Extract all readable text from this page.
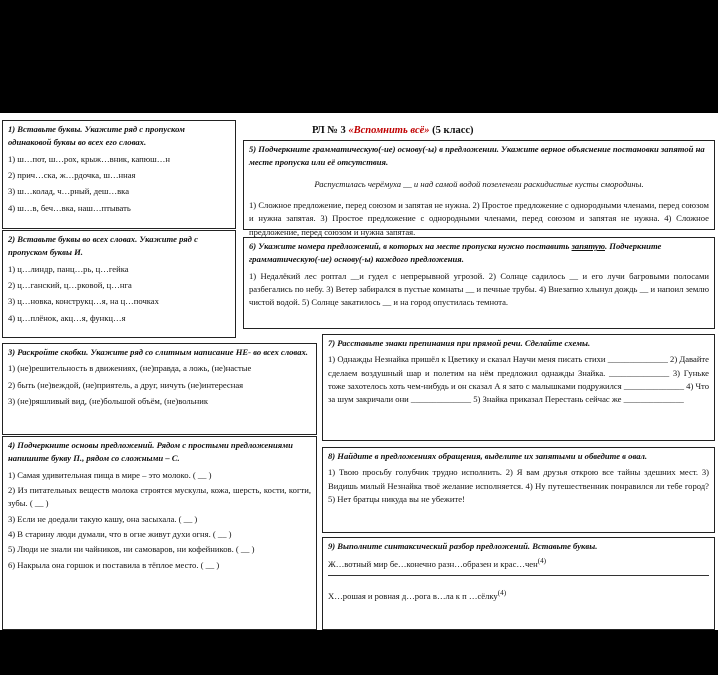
РЛ № 3 «Вспомнить всё» (5 класс)
1) Вставьте буквы. Укажите ряд с пропуском одинаковой буквы во всех его словах.
1) ш…пот, ш…рох, крыж…вник, капюш…н
2) прич…ска, ж…рдочка, ш…нная
3) ш…колад, ч…рный, деш…вка
4) ш…в, беч…вка, наш…птывать
2) Вставьте буквы во всех словах. Укажите ряд с пропуском буквы И.
1) ц…линдр, панц…рь, ц…гейка
2) ц…ганский, ц…рковой, ц…нга
3) ц…новка, конструкц…я, на ц…почках
4) ц…плёнок, акц…я, функц…я
3) Раскройте скобки. Укажите ряд со слитным написание НЕ- во всех словах.
1) (не)решительность в движениях, (не)правда, а ложь, (не)настые
2) быть (не)веждой, (не)приятель, а друг, ничуть (не)интересная
3) (не)ряшливый вид, (не)большой объём, (не)вольник
4) Подчеркните основы предложений. Рядом с простыми предложениями напишите букву П., рядом со сложными – С.
1) Самая удивительная пища в мире – это молоко. ( __ )
2) Из питательных веществ молока строятся мускулы, кожа, шерсть, кости, когти, зубы. ( __ )
3) Если не доедали такую кашу, она засыхала. ( __ )
4) В старину люди думали, что в огне живут духи огня. ( __ )
5) Люди не знали ни чайников, ни самоваров, ни кофейников. ( __ )
6) Накрыла она горшок и поставила в тёплое место. ( __ )
5) Подчеркните грамматическую(-ие) основу(-ы) в предложении. Укажите верное объяснение постановки запятой на месте пропуска или её отсутствия.
Распустилась черёмуха __ и над самой водой позеленели раскидистые кусты смородины.
1) Сложное предложение, перед союзом и запятая не нужна. 2) Простое предложение с однородными членами, перед союзом и нужна запятая. 3) Простое предложение с однородными членами, перед союзом и запятая не нужна. 4) Сложное предложение, перед союзом и нужна запятая.
6) Укажите номера предложений, в которых на месте пропуска нужно поставить запятую. Подчеркните грамматическую(-ие) основу(-ы) каждого предложения.
1) Недалёкий лес роптал __и гудел с непрерывной угрозой. 2) Солнце садилось __ и его лучи багровыми полосами разбегались по небу. 3) Ветер забирался в пустые комнаты __ и печные трубы. 4) Внезапно хлынул дождь __ и напоил землю чистой водой. 5) Солнце закатилось __ и на город опустилась темнота.
7) Расставьте знаки препинания при прямой речи. Сделайте схемы.
1) Однажды Незнайка пришёл к Цветику и сказал Научи меня писать стихи ______________ 2) Давайте сделаем воздушный шар и полетим на нём предложил однажды Знайка. ______________ 3) Гуньке тоже захотелось хоть чем-нибудь и он сказал А я зато с малышками подружился ______________ 4) Что за шум закричали они ______________ 5) Знайка приказал Перестань сейчас же ______________
8) Найдите в предложениях обращения, выделите их запятыми и обведите в овал.
1) Твою просьбу голубчик трудно исполнить. 2) Я вам друзья открою все тайны здешних мест. 3) Видишь милый Незнайка твоё желание исполняется. 4) Ну путешественник понравился ли тебе город? 5) Нет братцы никуда вы не убежите!
9) Выполните синтаксический разбор предложений. Вставьте буквы.
Ж…вотный мир бе…конечно разн…образен и крас…чен$^{(4)}$
Х…рошая и ровная д…рога в…ла к п …сёлку$^{(4)}$
